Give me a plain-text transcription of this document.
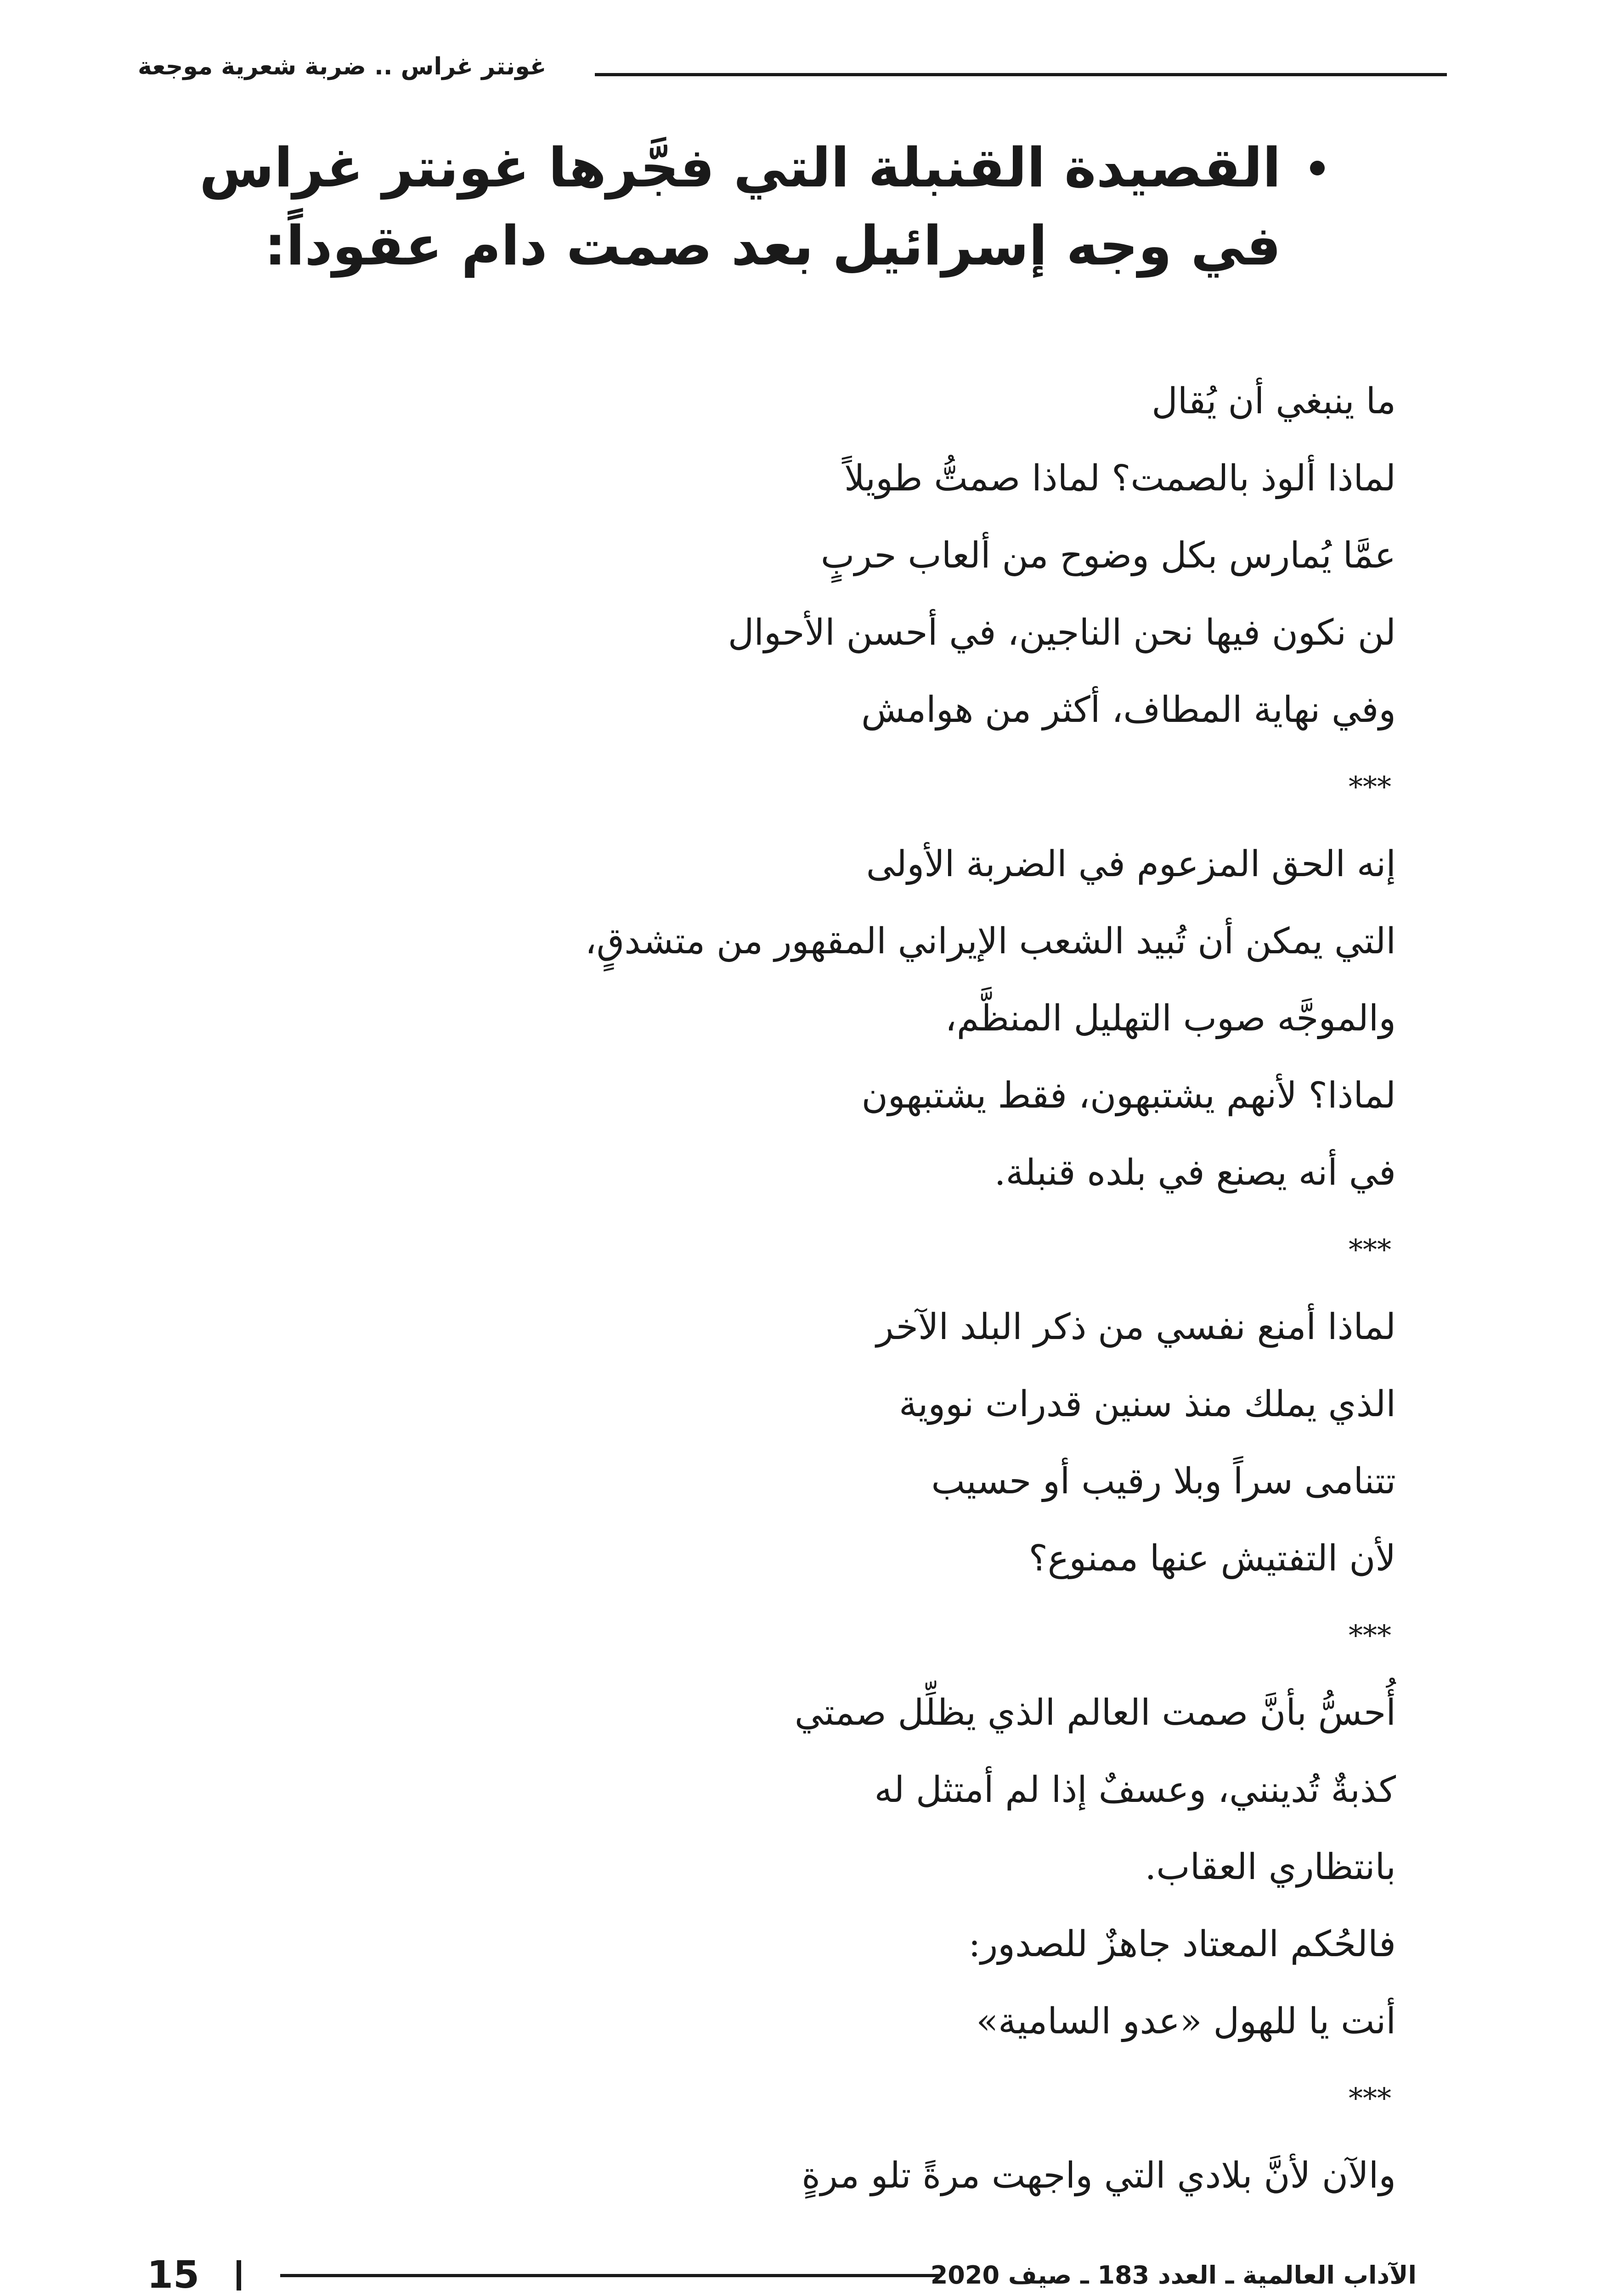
غونتر غراس .. ضربة شعرية موجعة
القصيدة القنبلة التي فجَّرها غونتر غراس
في وجه إسرائيل بعد صمت دام عقوداً:
ما ينبغي أن يُقال
لماذا ألوذ بالصمت؟ لماذا صمتُّ طويلاً
عمَّا يُمارس بكل وضوح من ألعاب حربٍ
لن نكون فيها نحن الناجين، في أحسن الأحوال
وفي نهاية المطاف، أكثر من هوامش
***
إنه الحق المزعوم في الضربة الأولى
التي يمكن أن تُبيد الشعب الإيراني المقهور من متشدقٍ،
والموجَّه صوب التهليل المنظَّم،
لماذا؟ لأنهم يشتبهون، فقط يشتبهون
في أنه يصنع في بلده قنبلة.
***
لماذا أمنع نفسي من ذكر البلد الآخر
الذي يملك منذ سنين قدرات نووية
تتنامى سراً وبلا رقيب أو حسيب
لأن التفتيش عنها ممنوع؟
***
أُحسُّ بأنَّ صمت العالم الذي يظلِّل صمتي
كذبةٌ تُدينني، وعسفٌ إذا لم أمتثل له
بانتظاري العقاب.
فالحُكم المعتاد جاهزٌ للصدور:
أنت يا للهول «عدو السامية»
***
والآن لأنَّ بلادي التي واجهت مرةً تلو مرةٍ
15	الآداب العالمية ـ العدد 183 ـ صيف 2020
